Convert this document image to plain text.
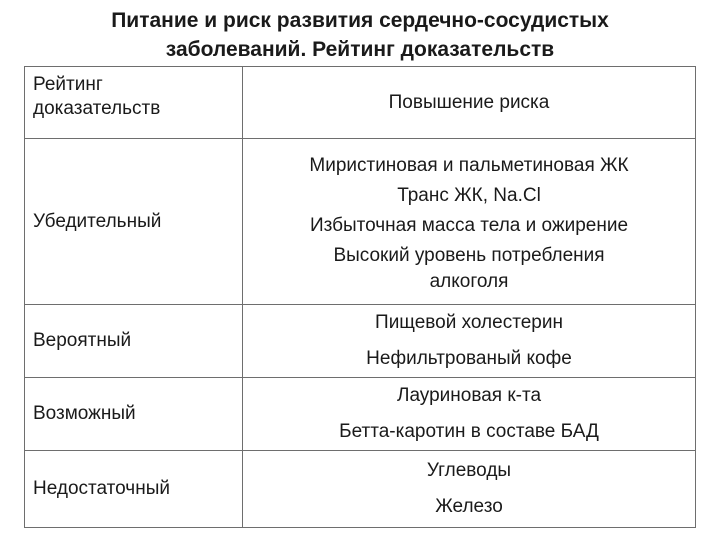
Питание и риск развития сердечно-сосудистых
заболеваний. Рейтинг доказательств
Рейтинг
доказательств	Повышение риска
Убедительный	Миристиновая и пальметиновая ЖК
Транс ЖК, Na.Cl
Избыточная масса тела и ожирение
Высокий уровень потребления
алкоголя

Вероятный	Пищевой холестерин
Нефильтрованый кофе

Возможный	Лауриновая к-та
Бетта-каротин в составе БАД

Недостаточный	Углеводы
Железо
